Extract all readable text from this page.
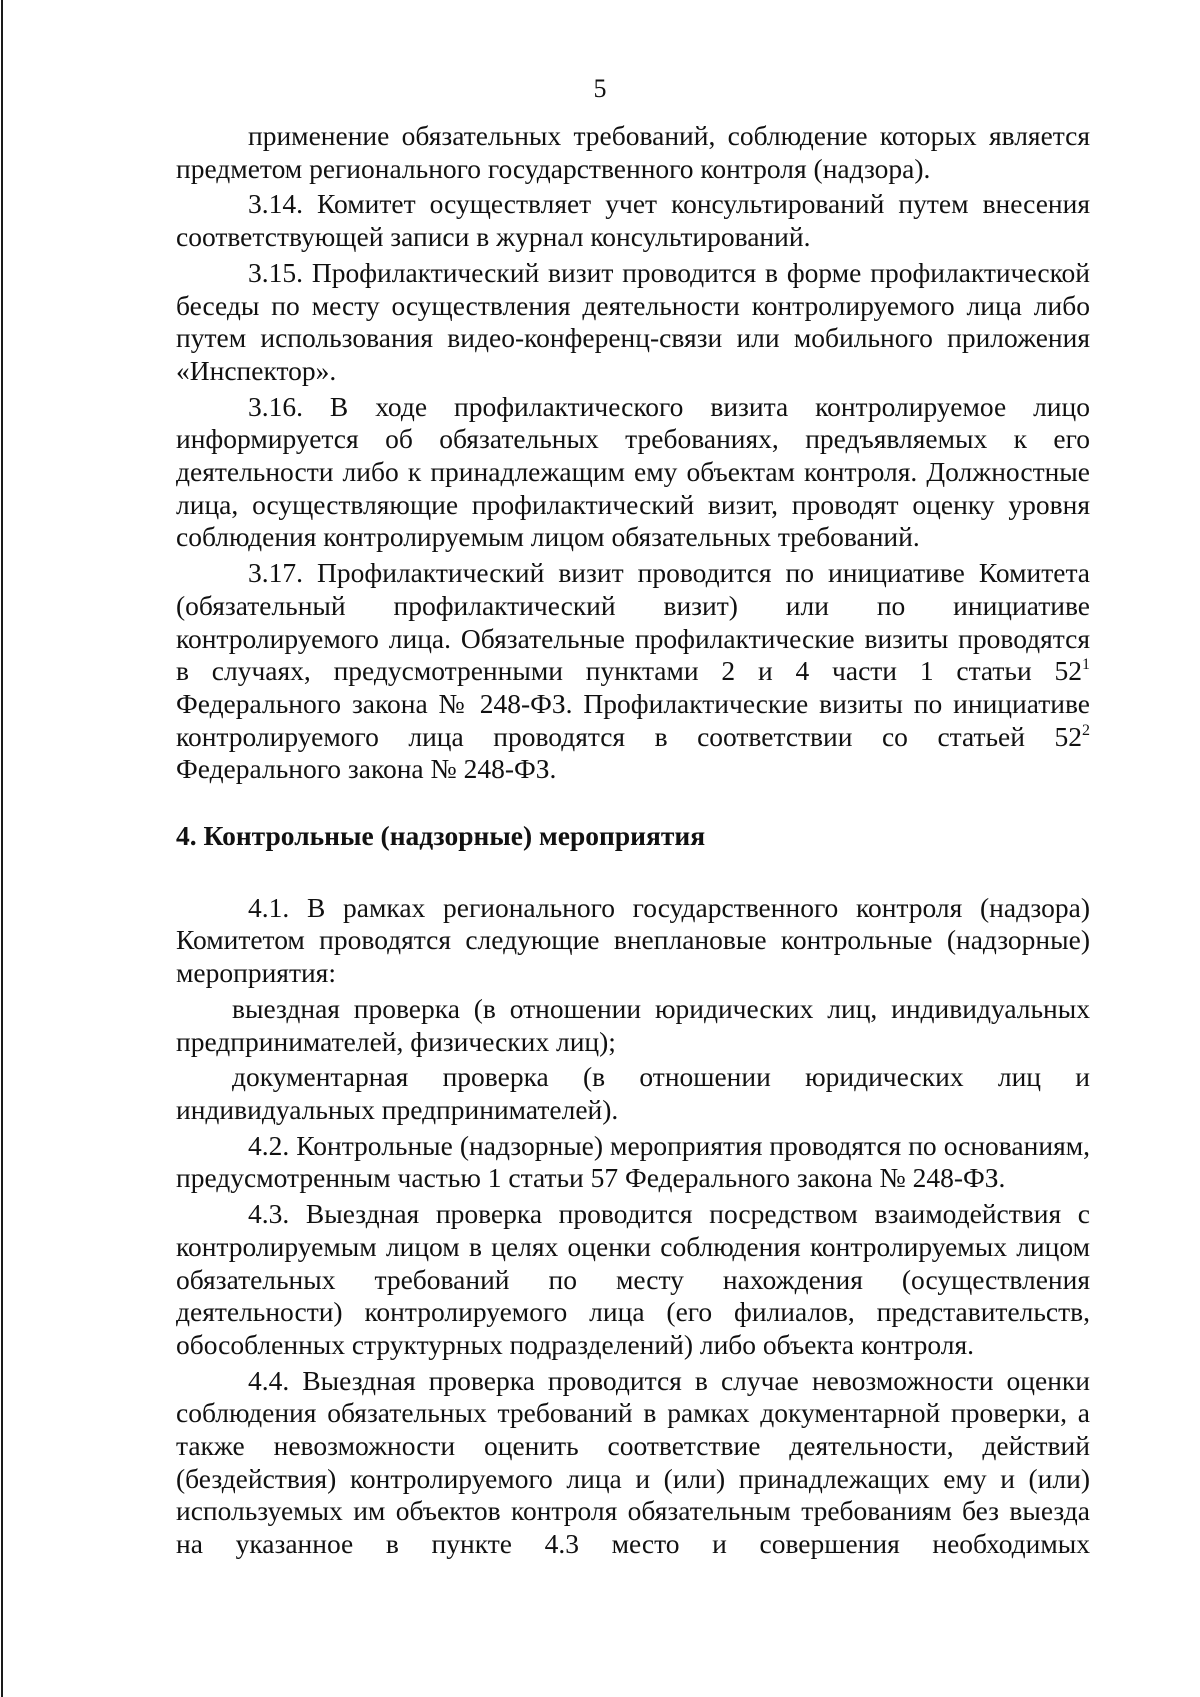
5

применение обязательных требований, соблюдение которых является предметом регионального государственного контроля (надзора).

3.14. Комитет осуществляет учет консультирований путем внесения соответствующей записи в журнал консультирований.

3.15. Профилактический визит проводится в форме профилактической беседы по месту осуществления деятельности контролируемого лица либо путем использования видео-конференц-связи или мобильного приложения «Инспектор».

3.16. В ходе профилактического визита контролируемое лицо информируется об обязательных требованиях, предъявляемых к его деятельности либо к принадлежащим ему объектам контроля. Должностные лица, осуществляющие профилактический визит, проводят оценку уровня соблюдения контролируемым лицом обязательных требований.

3.17. Профилактический визит проводится по инициативе Комитета (обязательный профилактический визит) или по инициативе контролируемого лица. Обязательные профилактические визиты проводятся в случаях, предусмотренными пунктами 2 и 4 части 1 статьи $52^1$ Федерального закона № 248-ФЗ. Профилактические визиты по инициативе контролируемого лица проводятся в соответствии со статьей $52^2$ Федерального закона № 248-ФЗ.

4. Контрольные (надзорные) мероприятия

4.1. В рамках регионального государственного контроля (надзора) Комитетом проводятся следующие внеплановые контрольные (надзорные) мероприятия:

выездная проверка (в отношении юридических лиц, индивидуальных предпринимателей, физических лиц);

документарная проверка (в отношении юридических лиц и индивидуальных предпринимателей).

4.2. Контрольные (надзорные) мероприятия проводятся по основаниям, предусмотренным частью 1 статьи 57 Федерального закона № 248-ФЗ.

4.3. Выездная проверка проводится посредством взаимодействия с контролируемым лицом в целях оценки соблюдения контролируемых лицом обязательных требований по месту нахождения (осуществления деятельности) контролируемого лица (его филиалов, представительств, обособленных структурных подразделений) либо объекта контроля.

4.4. Выездная проверка проводится в случае невозможности оценки соблюдения обязательных требований в рамках документарной проверки, а также невозможности оценить соответствие деятельности, действий (бездействия) контролируемого лица и (или) принадлежащих ему и (или) используемых им объектов контроля обязательным требованиям без выезда на указанное в пункте 4.3 место и совершения необходимых
